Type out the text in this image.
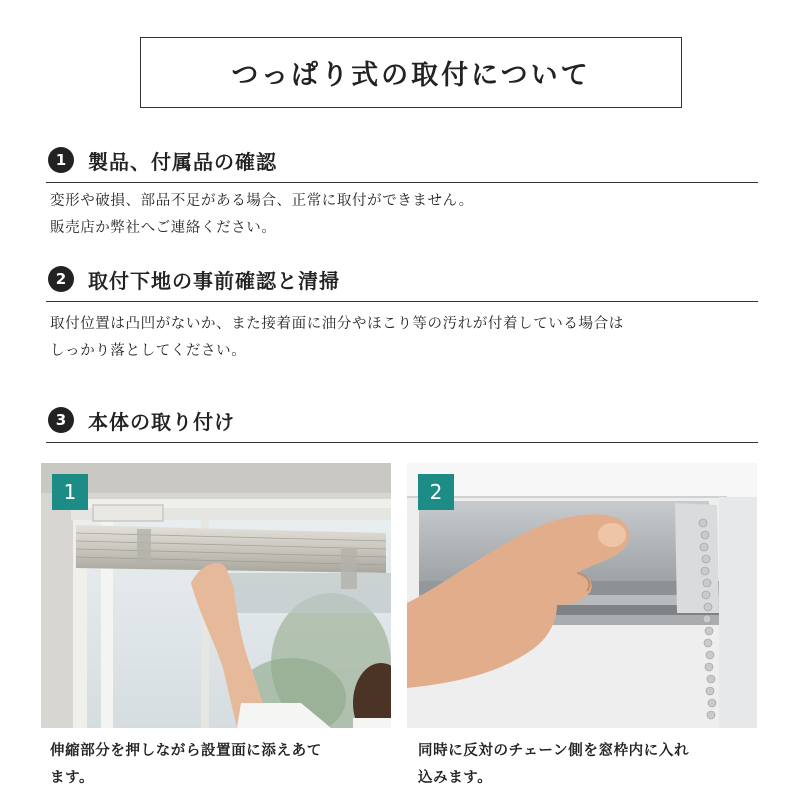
つっぱり式の取付について
1	製品、付属品の確認
変形や破損、部品不足がある場合、正常に取付ができません。
販売店か弊社へご連絡ください。
2	取付下地の事前確認と清掃
取付位置は凸凹がないか、また接着面に油分やほこり等の汚れが付着している場合は
しっかり落としてください。
3	本体の取り付け
1	2
伸縮部分を押しながら設置面に添えあて
ます。
同時に反対のチェーン側を窓枠内に入れ
込みます。
